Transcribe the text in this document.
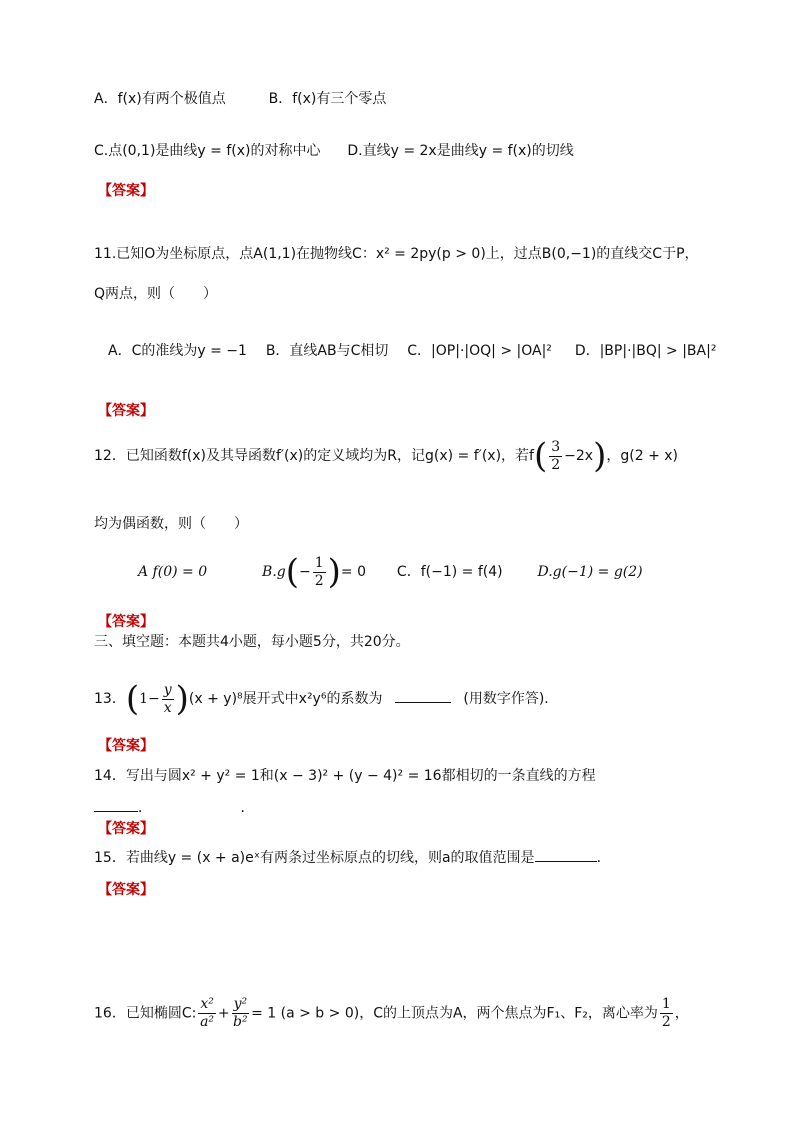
A．f(x)有两个极值点	B．f(x)有三个零点
C.点(0,1)是曲线y = f(x)的对称中心 D.直线y = 2x是曲线y = f(x)的切线
【答案】
11.已知O为坐标原点，点A(1,1)在抛物线C：x² = 2py(p > 0)上，过点B(0,−1)的直线交C于P，
Q两点，则（　　）
A．C的准线为y = −1 B．直线AB与C相切 C．|OP|·|OQ| > |OA|² D．|BP|·|BQ| > |BA|²
【答案】
12．已知函数f(x)及其导函数f′(x)的定义域均为R，记g(x) = f′(x)，若$f( \frac{3}{2} -2x)$，g(2 + x)
均为偶函数，则（　　）
A f(0) = 0	$B.g(- \frac{1}{2}$ )= 0 C．f(−1) = f(4) D.g(−1) = g(2)
【答案】
三、填空题：本题共4小题，每小题5分，共20分。
13．$(1- \frac{y}{x} )(x + y)^8$展开式中x²y⁶的系数为	(用数字作答)．
【答案】
14．写出与圆x² + y² = 1和(x − 3)² + (y − 4)² = 16都相切的一条直线的方程
．	．
【答案】
15．若曲线y = (x + a)eˣ有两条过坐标原点的切线，则a的取值范围是	．
【答案】
16．已知椭圆C: $\frac{\text{x²}}{\text{a²}} + \frac{\text{y²}}{\text{b²}} = 1$ (a > b > 0)，C的上顶点为A，两个焦点为F₁、F₂，离心率为 $\frac{1}{2}$ ，
